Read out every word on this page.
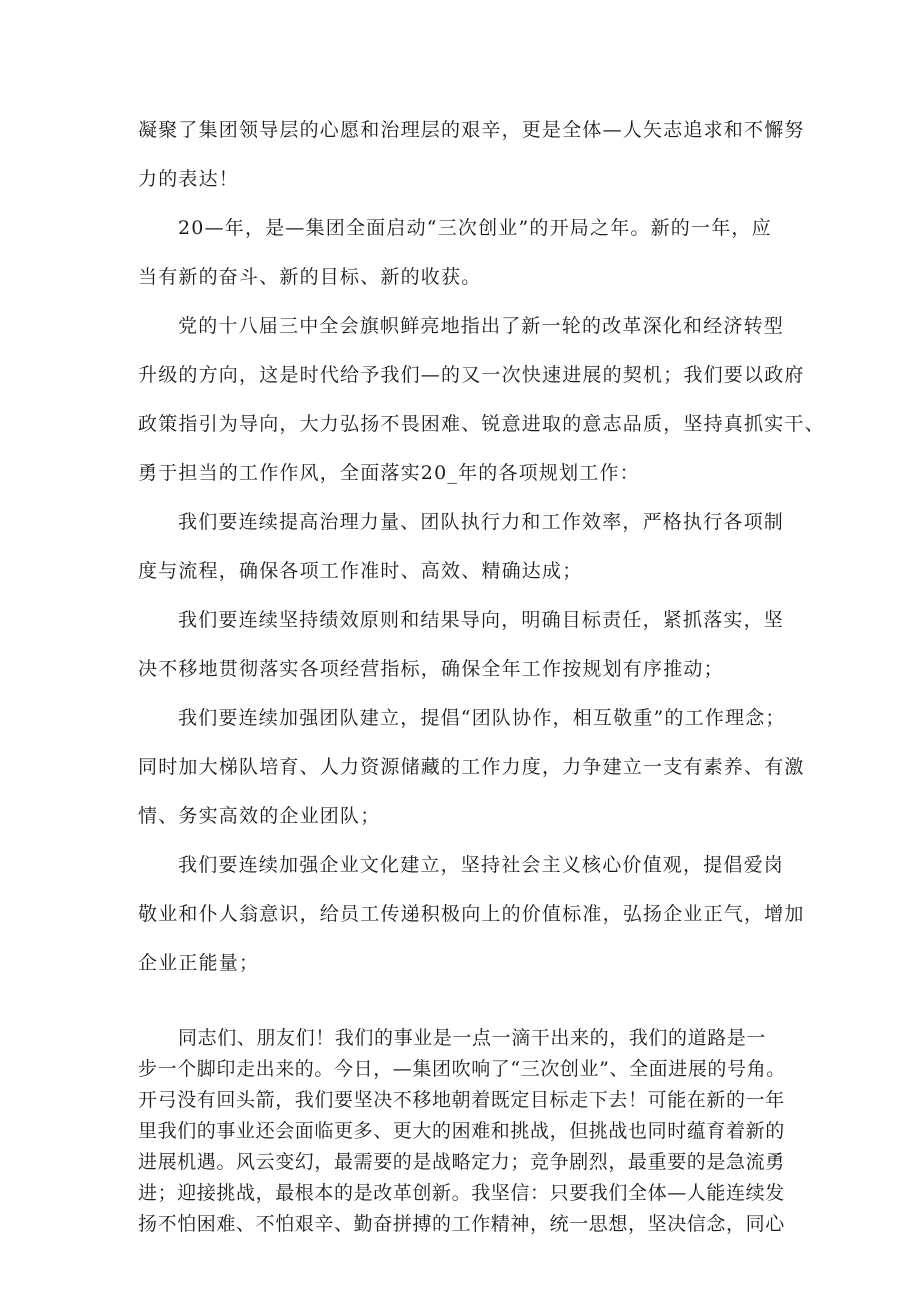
凝聚了集团领导层的心愿和治理层的艰辛，更是全体—人矢志追求和不懈努
力的表达！
20—年，是—集团全面启动“三次创业”的开局之年。新的一年，应
当有新的奋斗、新的目标、新的收获。
党的十八届三中全会旗帜鲜亮地指出了新一轮的改革深化和经济转型
升级的方向，这是时代给予我们—的又一次快速进展的契机；我们要以政府
政策指引为导向，大力弘扬不畏困难、锐意进取的意志品质，坚持真抓实干、
勇于担当的工作作风，全面落实20_年的各项规划工作：
我们要连续提高治理力量、团队执行力和工作效率，严格执行各项制
度与流程，确保各项工作准时、高效、精确达成；
我们要连续坚持绩效原则和结果导向，明确目标责任，紧抓落实，坚
决不移地贯彻落实各项经营指标，确保全年工作按规划有序推动；
我们要连续加强团队建立，提倡“团队协作，相互敬重”的工作理念；
同时加大梯队培育、人力资源储藏的工作力度，力争建立一支有素养、有激
情、务实高效的企业团队；
我们要连续加强企业文化建立，坚持社会主义核心价值观，提倡爱岗
敬业和仆人翁意识，给员工传递积极向上的价值标准，弘扬企业正气，增加
企业正能量；
同志们、朋友们！我们的事业是一点一滴干出来的，我们的道路是一
步一个脚印走出来的。今日，—集团吹响了“三次创业”、全面进展的号角。
开弓没有回头箭，我们要坚决不移地朝着既定目标走下去！可能在新的一年
里我们的事业还会面临更多、更大的困难和挑战，但挑战也同时蕴育着新的
进展机遇。风云变幻，最需要的是战略定力；竞争剧烈，最重要的是急流勇
进；迎接挑战，最根本的是改革创新。我坚信：只要我们全体—人能连续发
扬不怕困难、不怕艰辛、勤奋拼搏的工作精神，统一思想，坚决信念，同心
